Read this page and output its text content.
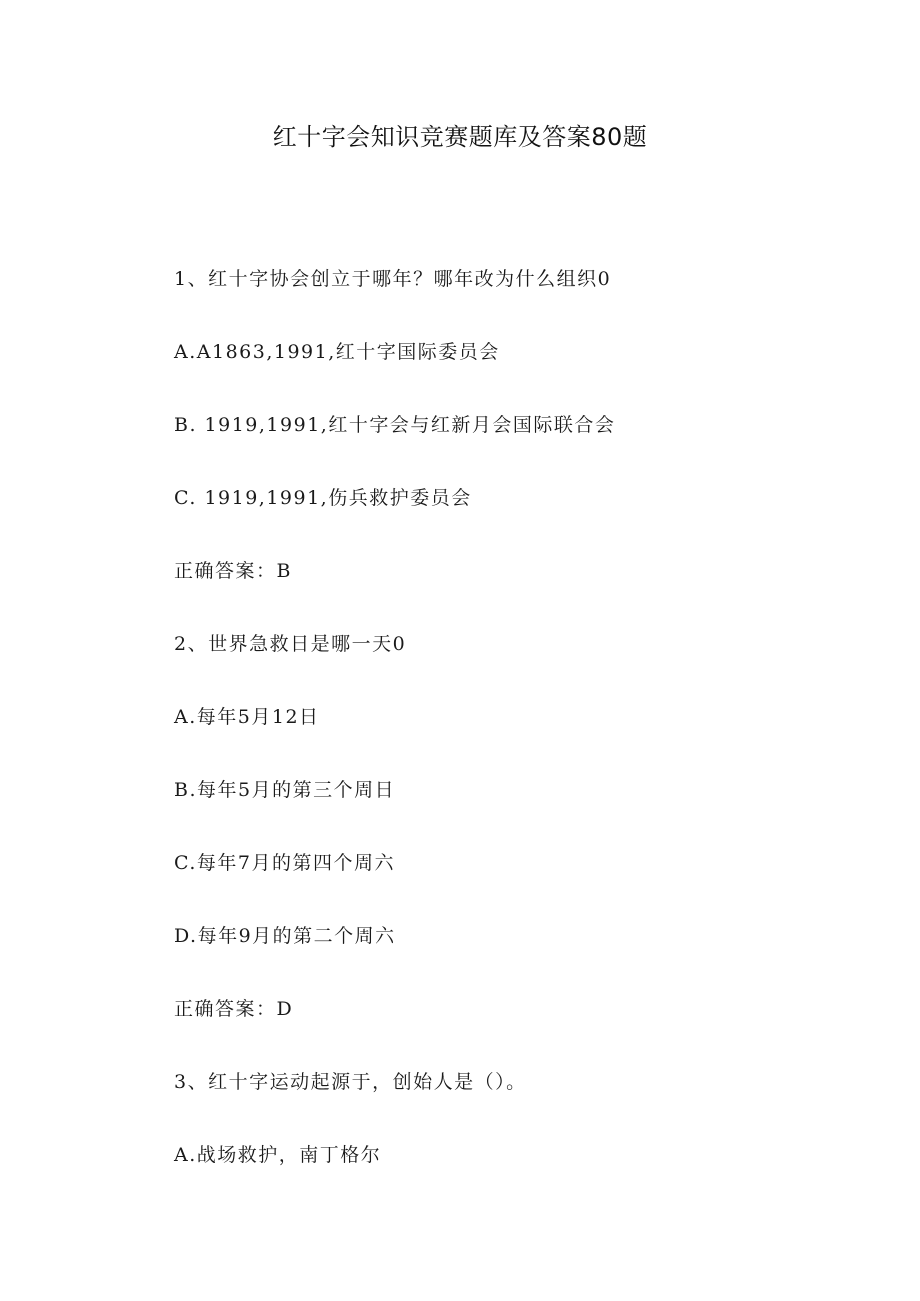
红十字会知识竞赛题库及答案80题
1、红十字协会创立于哪年？哪年改为什么组织0
A.A1863,1991,红十字国际委员会
B. 1919,1991,红十字会与红新月会国际联合会
C. 1919,1991,伤兵救护委员会
正确答案：B
2、世界急救日是哪一天0
A.每年5月12日
B.每年5月的第三个周日
C.每年7月的第四个周六
D.每年9月的第二个周六
正确答案：D
3、红十字运动起源于，创始人是（）。
A.战场救护，南丁格尔
